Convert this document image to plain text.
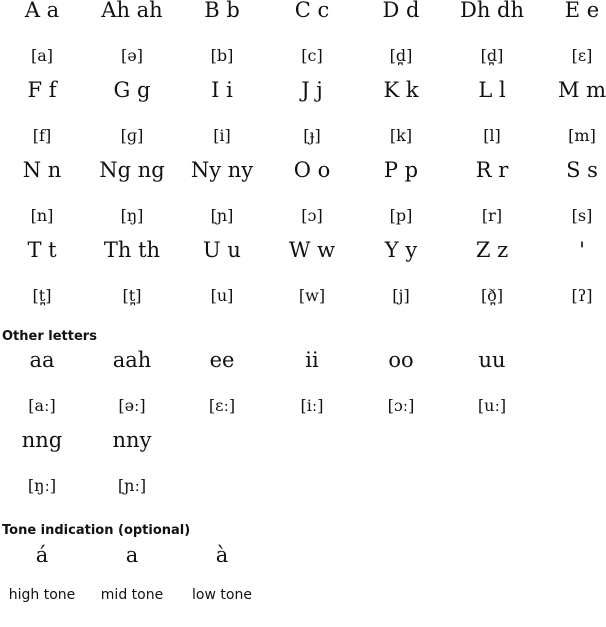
A a	Ah ah	B b	C c	D d	Dh dh	E e
[a]	[ə]	[b]	[c]	[d̪]	[d̪]	[ɛ]
F f	G g	I i	J j	K k	L l	M m
[f]	[ɡ]	[i]	[ɟ]	[k]	[l]	[m]
N n	Ng ng	Ny ny	O o	P p	R r	S s
[n]	[ŋ]	[ɲ]	[ɔ]	[p]	[r]	[s]
T t	Th th	U u	W w	Y y	Z z	'
[t̪]	[t̪]	[u]	[w]	[j]	[ð̪]	[ʔ]
Other letters
aa	aah	ee	ii	oo	uu
[aː]	[əː]	[ɛː]	[iː]	[ɔː]	[uː]
nng	nny
[ŋː]	[ɲː]
Tone indication (optional)
á	a	à
high tone	mid tone	low tone
